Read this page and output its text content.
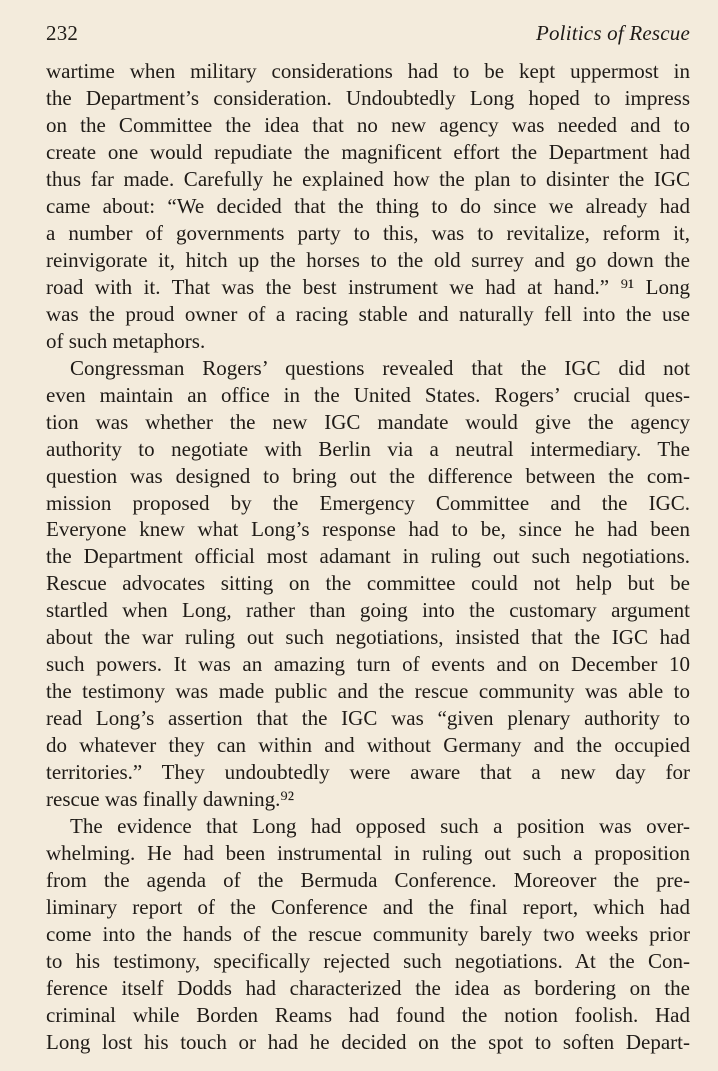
232	Politics of Rescue
wartime when military considerations had to be kept uppermost in
the Department’s consideration. Undoubtedly Long hoped to impress
on the Committee the idea that no new agency was needed and to
create one would repudiate the magnificent effort the Department had
thus far made. Carefully he explained how the plan to disinter the IGC
came about: “We decided that the thing to do since we already had
a number of governments party to this, was to revitalize, reform it,
reinvigorate it, hitch up the horses to the old surrey and go down the
road with it. That was the best instrument we had at hand.” ⁹¹ Long
was the proud owner of a racing stable and naturally fell into the use
of such metaphors.
Congressman Rogers’ questions revealed that the IGC did not
even maintain an office in the United States. Rogers’ crucial ques-
tion was whether the new IGC mandate would give the agency
authority to negotiate with Berlin via a neutral intermediary. The
question was designed to bring out the difference between the com-
mission proposed by the Emergency Committee and the IGC.
Everyone knew what Long’s response had to be, since he had been
the Department official most adamant in ruling out such negotiations.
Rescue advocates sitting on the committee could not help but be
startled when Long, rather than going into the customary argument
about the war ruling out such negotiations, insisted that the IGC had
such powers. It was an amazing turn of events and on December 10
the testimony was made public and the rescue community was able to
read Long’s assertion that the IGC was “given plenary authority to
do whatever they can within and without Germany and the occupied
territories.” They undoubtedly were aware that a new day for
rescue was finally dawning.⁹²
The evidence that Long had opposed such a position was over-
whelming. He had been instrumental in ruling out such a proposition
from the agenda of the Bermuda Conference. Moreover the pre-
liminary report of the Conference and the final report, which had
come into the hands of the rescue community barely two weeks prior
to his testimony, specifically rejected such negotiations. At the Con-
ference itself Dodds had characterized the idea as bordering on the
criminal while Borden Reams had found the notion foolish. Had
Long lost his touch or had he decided on the spot to soften Depart-
